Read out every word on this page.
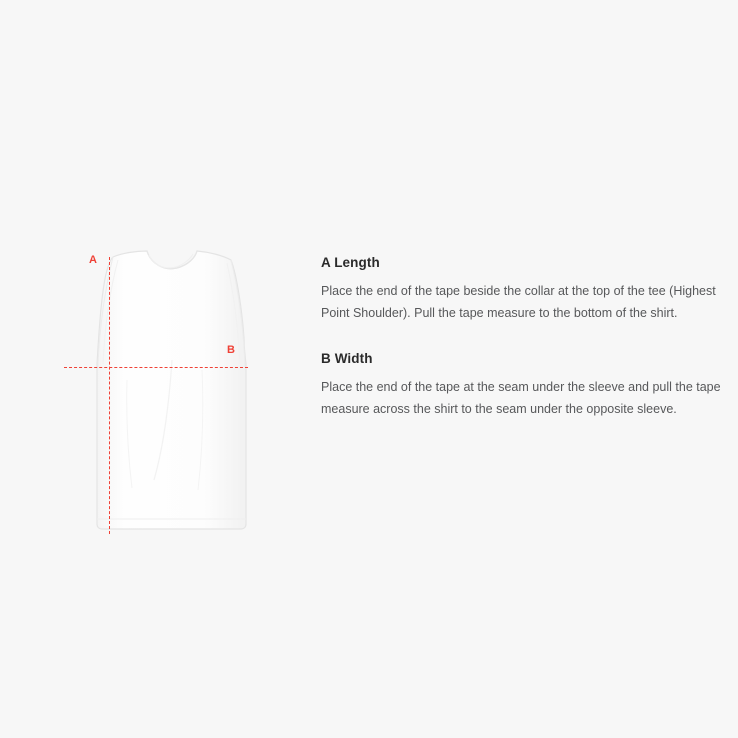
A
B
A Length

Place the end of the tape beside the collar at the top of the tee (Highest Point Shoulder). Pull the tape measure to the bottom of the shirt.

B Width

Place the end of the tape at the seam under the sleeve and pull the tape measure across the shirt to the seam under the opposite sleeve.
